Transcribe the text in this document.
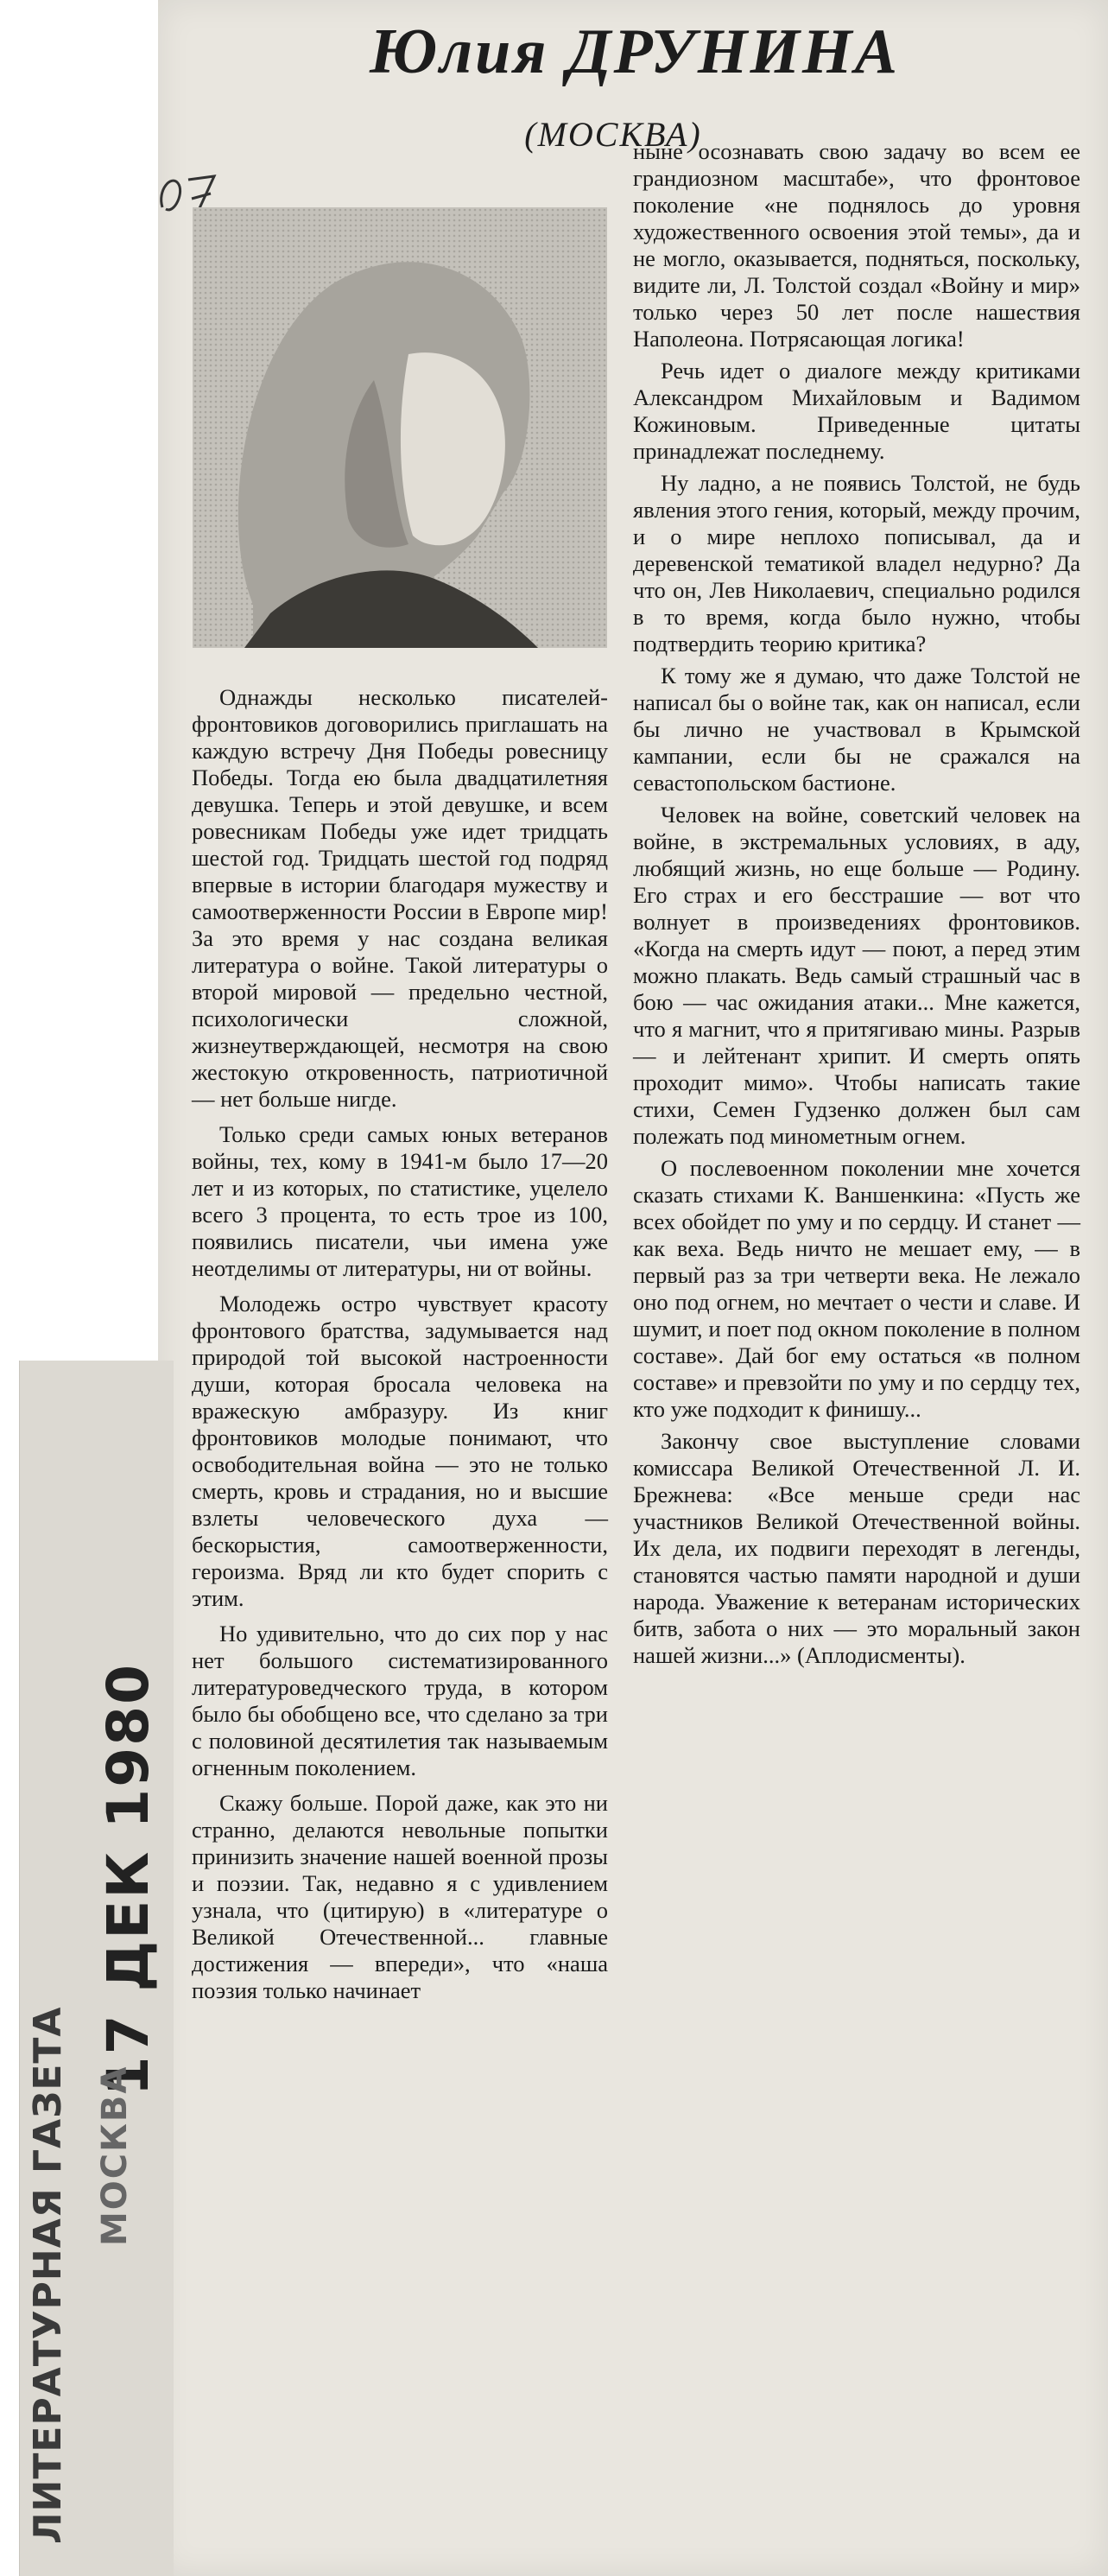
17 ДЕК 1980
ЛИТЕРАТУРНАЯ ГАЗЕТА МОСКВА
Юлия ДРУНИНА
(МОСКВА)

Однажды несколько писателей-фронтовиков договорились приглашать на каждую встречу Дня Победы ровесницу Победы. Тогда ею была двадцатилетняя девушка. Теперь и этой девушке, и всем ровесникам Победы уже идет тридцать шестой год. Тридцать шестой год подряд впервые в истории благодаря мужеству и самоотверженности России в Европе мир! За это время у нас создана великая литература о войне. Такой литературы о второй мировой — предельно честной, психологически сложной, жизнеутверждающей, несмотря на свою жестокую откровенность, патриотичной — нет больше нигде.

Только среди самых юных ветеранов войны, тех, кому в 1941-м было 17—20 лет и из которых, по статистике, уцелело всего 3 процента, то есть трое из 100, появились писатели, чьи имена уже неотделимы от литературы, ни от войны.

Молодежь остро чувствует красоту фронтового братства, задумывается над природой той высокой настроенности души, которая бросала человека на вражескую амбразуру. Из книг фронтовиков молодые понимают, что освободительная война — это не только смерть, кровь и страдания, но и высшие взлеты человеческого духа — бескорыстия, самоотверженности, героизма. Вряд ли кто будет спорить с этим.

Но удивительно, что до сих пор у нас нет большого систематизированного литературоведческого труда, в котором было бы обобщено все, что сделано за три с половиной десятилетия так называемым огненным поколением.

Скажу больше. Порой даже, как это ни странно, делаются невольные попытки принизить значение нашей военной прозы и поэзии. Так, недавно я с удивлением узнала, что (цитирую) в «литературе о Великой Отечественной... главные достижения — впереди», что «наша поэзия только начинает

ныне осознавать свою задачу во всем ее грандиозном масштабе», что фронтовое поколение «не поднялось до уровня художественного освоения этой темы», да и не могло, оказывается, подняться, поскольку, видите ли, Л. Толстой создал «Войну и мир» только через 50 лет после нашествия Наполеона. Потрясающая логика!

Речь идет о диалоге между критиками Александром Михайловым и Вадимом Кожиновым. Приведенные цитаты принадлежат последнему.

Ну ладно, а не появись Толстой, не будь явления этого гения, который, между прочим, и о мире неплохо пописывал, да и деревенской тематикой владел недурно? Да что он, Лев Николаевич, специально родился в то время, когда было нужно, чтобы подтвердить теорию критика?

К тому же я думаю, что даже Толстой не написал бы о войне так, как он написал, если бы лично не участвовал в Крымской кампании, если бы не сражался на севастопольском бастионе.

Человек на войне, советский человек на войне, в экстремальных условиях, в аду, любящий жизнь, но еще больше — Родину. Его страх и его бесстрашие — вот что волнует в произведениях фронтовиков. «Когда на смерть идут — поют, а перед этим можно плакать. Ведь самый страшный час в бою — час ожидания атаки... Мне кажется, что я магнит, что я притягиваю мины. Разрыв — и лейтенант хрипит. И смерть опять проходит мимо». Чтобы написать такие стихи, Семен Гудзенко должен был сам полежать под минометным огнем.

О послевоенном поколении мне хочется сказать стихами К. Ваншенкина: «Пусть же всех обойдет по уму и по сердцу. И станет — как веха. Ведь ничто не мешает ему, — в первый раз за три четверти века. Не лежало оно под огнем, но мечтает о чести и славе. И шумит, и поет под окном поколение в полном составе». Дай бог ему остаться «в полном составе» и превзойти по уму и по сердцу тех, кто уже подходит к финишу...

Закончу свое выступление словами комиссара Великой Отечественной Л. И. Брежнева: «Все меньше среди нас участников Великой Отечественной войны. Их дела, их подвиги переходят в легенды, становятся частью памяти народной и души народа. Уважение к ветеранам исторических битв, забота о них — это моральный закон нашей жизни...» (Аплодисменты).
